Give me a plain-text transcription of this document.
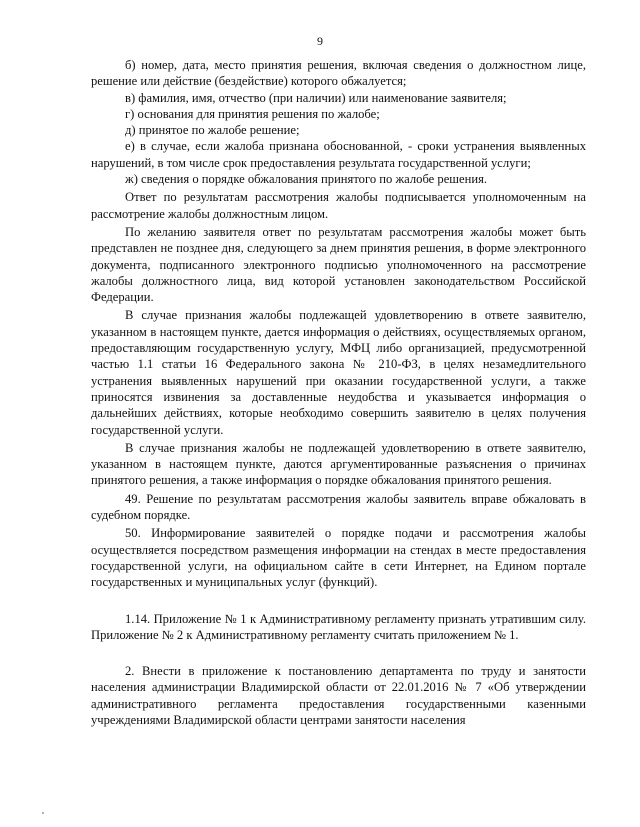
9

б) номер, дата, место принятия решения, включая сведения о должностном лице, решение или действие (бездействие) которого обжалуется;

в) фамилия, имя, отчество (при наличии) или наименование заявителя;

г) основания для принятия решения по жалобе;

д) принятое по жалобе решение;

е) в случае, если жалоба признана обоснованной, - сроки устранения выявленных нарушений, в том числе срок предоставления результата государственной услуги;

ж) сведения о порядке обжалования принятого по жалобе решения.

Ответ по результатам рассмотрения жалобы подписывается уполномоченным на рассмотрение жалобы должностным лицом.

По желанию заявителя ответ по результатам рассмотрения жалобы может быть представлен не позднее дня, следующего за днем принятия решения, в форме электронного документа, подписанного электронного подписью уполномоченного на рассмотрение жалобы должностного лица, вид которой установлен законодательством Российской Федерации.

В случае признания жалобы подлежащей удовлетворению в ответе заявителю, указанном в настоящем пункте, дается информация о действиях, осуществляемых органом, предоставляющим государственную услугу, МФЦ либо организацией, предусмотренной частью 1.1 статьи 16 Федерального закона № 210-ФЗ, в целях незамедлительного устранения выявленных нарушений при оказании государственной услуги, а также приносятся извинения за доставленные неудобства и указывается информация о дальнейших действиях, которые необходимо совершить заявителю в целях получения государственной услуги.

В случае признания жалобы не подлежащей удовлетворению в ответе заявителю, указанном в настоящем пункте, даются аргументированные разъяснения о причинах принятого решения, а также информация о порядке обжалования принятого решения.

49. Решение по результатам рассмотрения жалобы заявитель вправе обжаловать в судебном порядке.

50. Информирование заявителей о порядке подачи и рассмотрения жалобы осуществляется посредством размещения информации на стендах в месте предоставления государственной услуги, на официальном сайте в сети Интернет, на Едином портале государственных и муниципальных услуг (функций).

1.14. Приложение № 1 к Административному регламенту признать утратившим силу. Приложение № 2 к Административному регламенту считать приложением № 1.

2. Внести в приложение к постановлению департамента по труду и занятости населения администрации Владимирской области от 22.01.2016 № 7 «Об утверждении административного регламента предоставления государственными казенными учреждениями Владимирской области центрами занятости населения
